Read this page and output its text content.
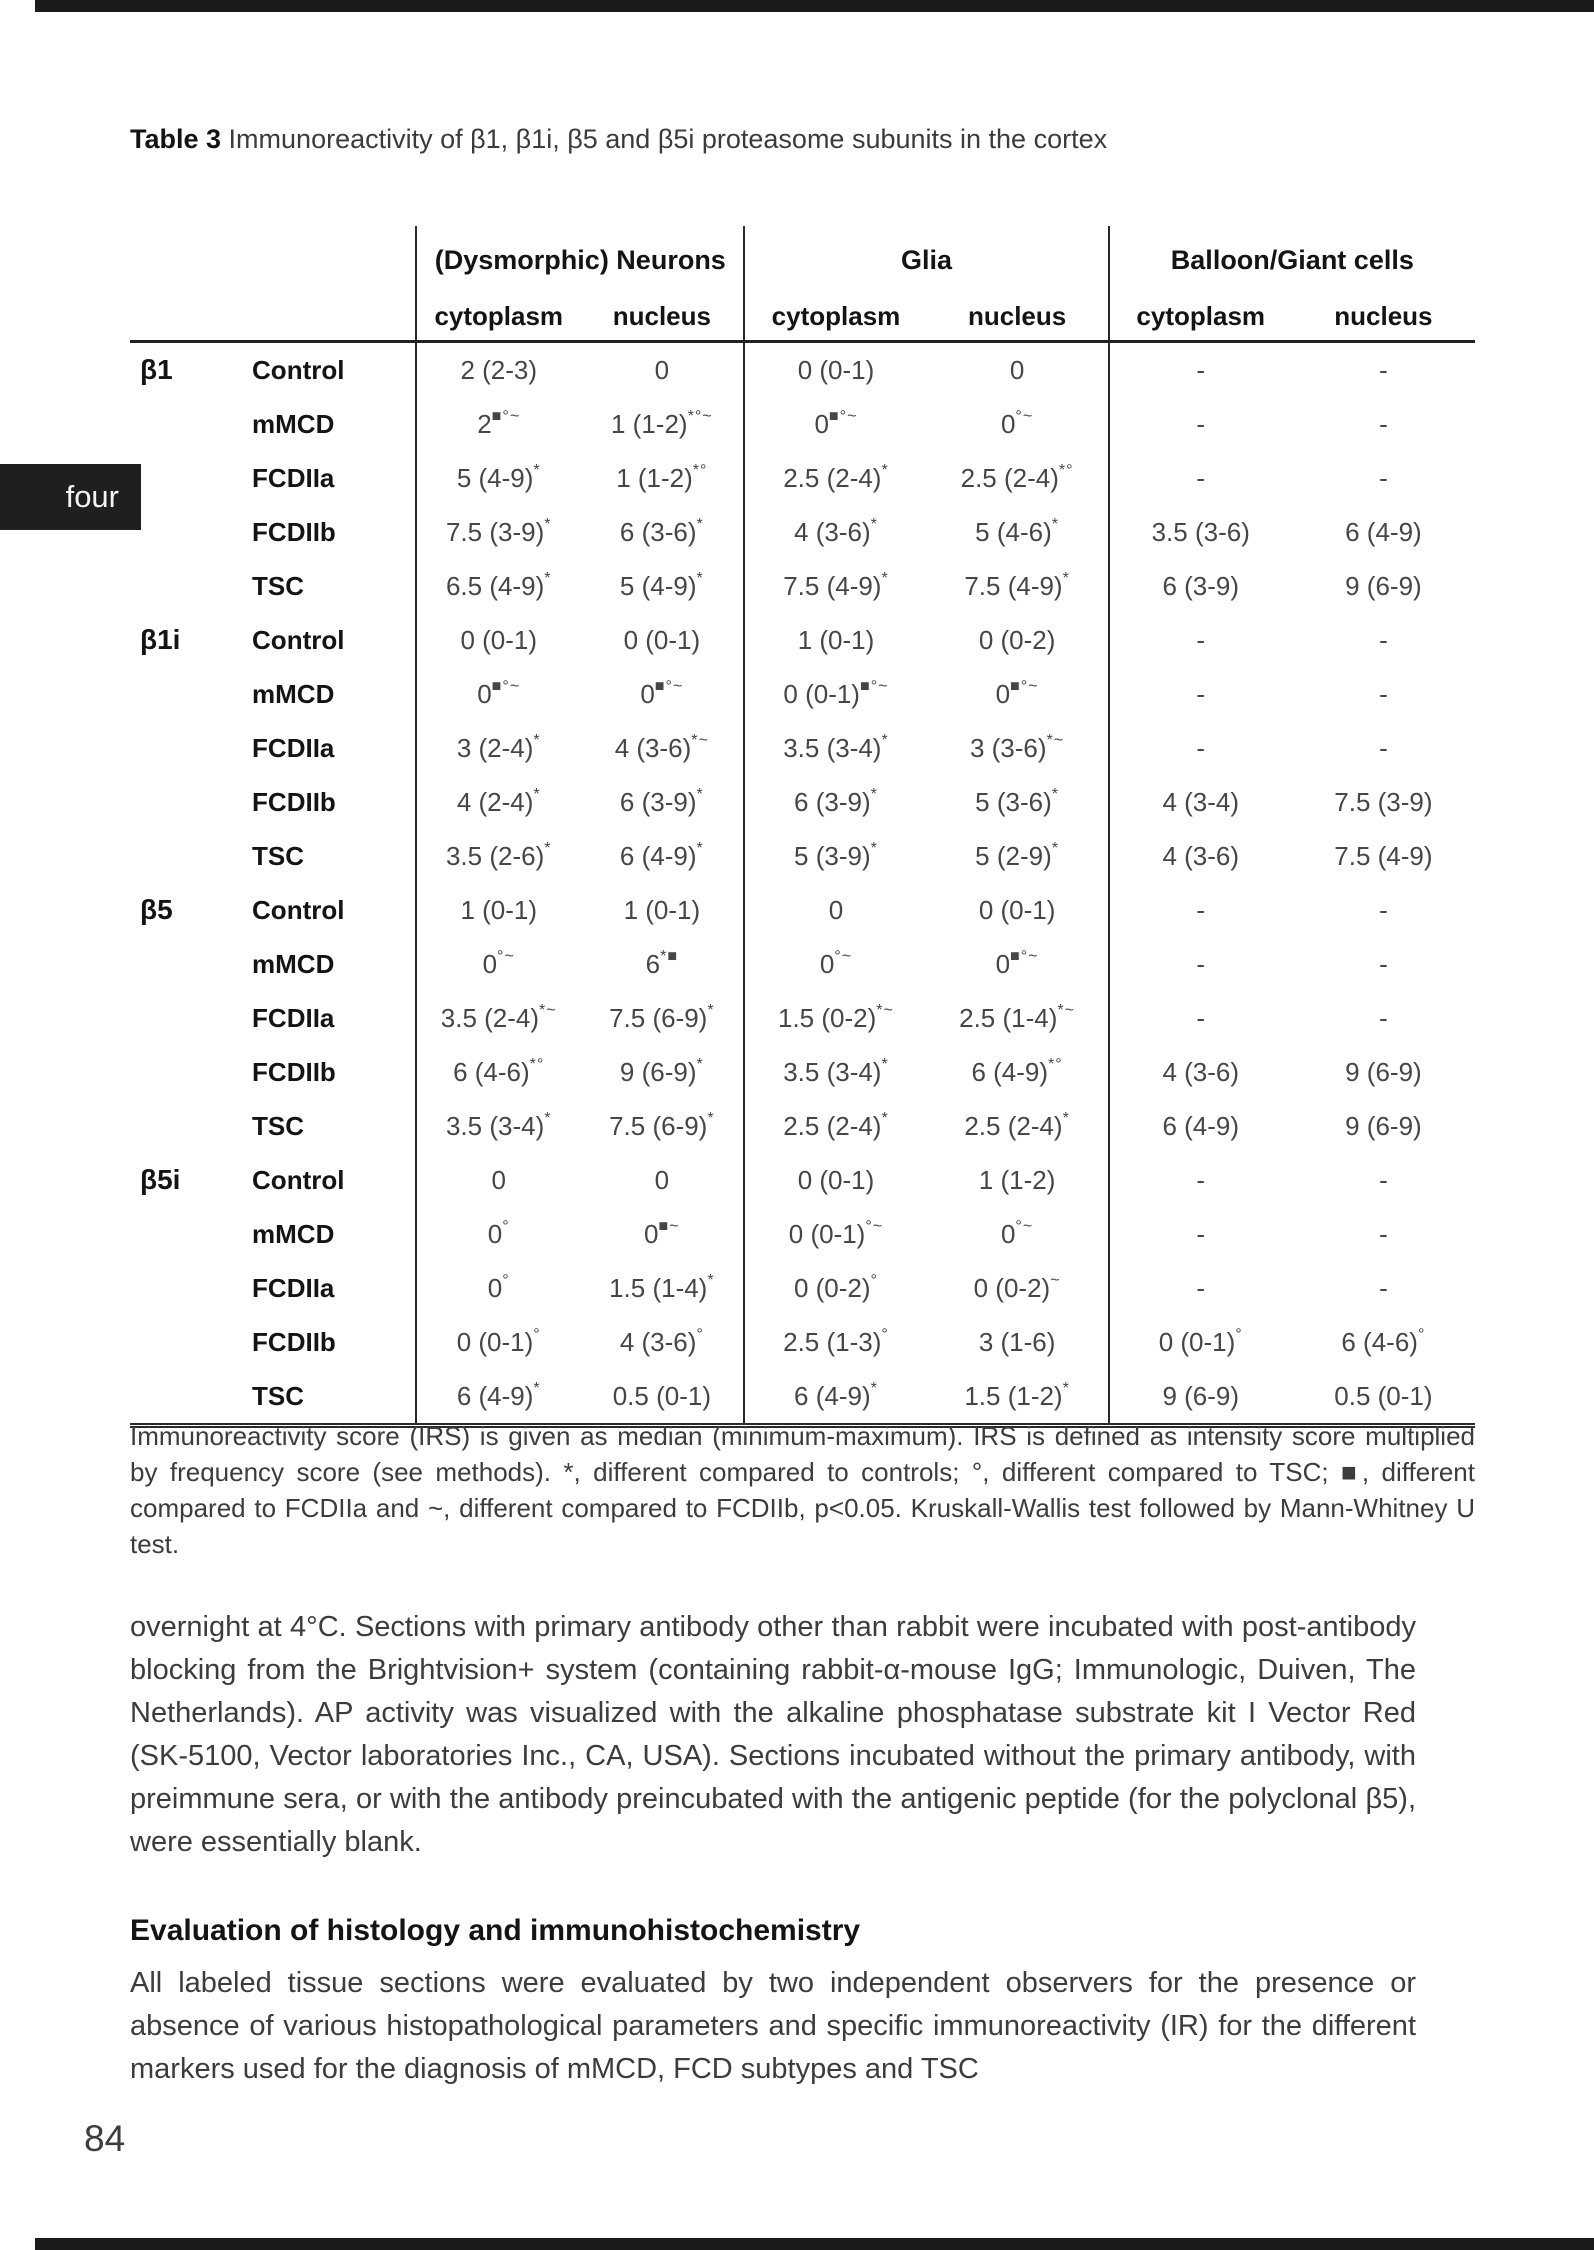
four
Table 3 Immunoreactivity of β1, β1i, β5 and β5i proteasome subunits in the cortex
		(Dysmorphic) Neurons		Glia		Balloon/Giant cells	
		cytoplasm	nucleus	cytoplasm	nucleus	cytoplasm	nucleus
β1	Control	2 (2-3)	0	0 (0-1)	0	-	-
	mMCD	2■°~	1 (1-2)*°~	0■°~	0°~	-	-
	FCDIIa	5 (4-9)*	1 (1-2)*°	2.5 (2-4)*	2.5 (2-4)*°	-	-
	FCDIIb	7.5 (3-9)*	6 (3-6)*	4 (3-6)*	5 (4-6)*	3.5 (3-6)	6 (4-9)
	TSC	6.5 (4-9)*	5 (4-9)*	7.5 (4-9)*	7.5 (4-9)*	6 (3-9)	9 (6-9)
β1i	Control	0 (0-1)	0 (0-1)	1 (0-1)	0 (0-2)	-	-
	mMCD	0■°~	0■°~	0 (0-1)■°~	0■°~	-	-
	FCDIIa	3 (2-4)*	4 (3-6)*~	3.5 (3-4)*	3 (3-6)*~	-	-
	FCDIIb	4 (2-4)*	6 (3-9)*	6 (3-9)*	5 (3-6)*	4 (3-4)	7.5 (3-9)
	TSC	3.5 (2-6)*	6 (4-9)*	5 (3-9)*	5 (2-9)*	4 (3-6)	7.5 (4-9)
β5	Control	1 (0-1)	1 (0-1)	0	0 (0-1)	-	-
	mMCD	0°~	6*■	0°~	0■°~	-	-
	FCDIIa	3.5 (2-4)*~	7.5 (6-9)*	1.5 (0-2)*~	2.5 (1-4)*~	-	-
	FCDIIb	6 (4-6)*°	9 (6-9)*	3.5 (3-4)*	6 (4-9)*°	4 (3-6)	9 (6-9)
	TSC	3.5 (3-4)*	7.5 (6-9)*	2.5 (2-4)*	2.5 (2-4)*	6 (4-9)	9 (6-9)
β5i	Control	0	0	0 (0-1)	1 (1-2)	-	-
	mMCD	0°	0■~	0 (0-1)°~	0°~	-	-
	FCDIIa	0°	1.5 (1-4)*	0 (0-2)°	0 (0-2)~	-	-
	FCDIIb	0 (0-1)°	4 (3-6)°	2.5 (1-3)°	3 (1-6)	0 (0-1)°	6 (4-6)°
	TSC	6 (4-9)*	0.5 (0-1)	6 (4-9)*	1.5 (1-2)*	9 (6-9)	0.5 (0-1)
Immunoreactivity score (IRS) is given as median (minimum-maximum). IRS is defined as intensity score multiplied by frequency score (see methods). *, different compared to controls; °, different compared to TSC; ■, different compared to FCDIIa and ~, different compared to FCDIIb, p<0.05. Kruskall-Wallis test followed by Mann-Whitney U test.
overnight at 4°C. Sections with primary antibody other than rabbit were incubated with post-antibody blocking from the Brightvision+ system (containing rabbit-α-mouse IgG; Immunologic, Duiven, The Netherlands). AP activity was visualized with the alkaline phosphatase substrate kit I Vector Red (SK-5100, Vector laboratories Inc., CA, USA). Sections incubated without the primary antibody, with preimmune sera, or with the antibody preincubated with the antigenic peptide (for the polyclonal β5), were essentially blank.
Evaluation of histology and immunohistochemistry
All labeled tissue sections were evaluated by two independent observers for the presence or absence of various histopathological parameters and specific immunoreactivity (IR) for the different markers used for the diagnosis of mMCD, FCD subtypes and TSC
84
